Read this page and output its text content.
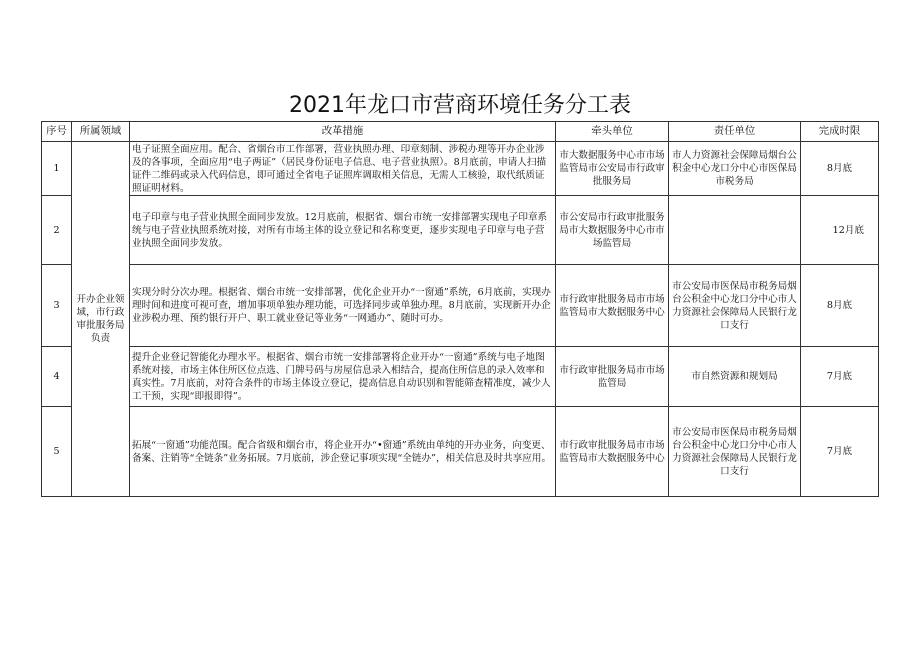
2021年龙口市营商环境任务分工表
序号	所属领域	改革措施	牵头单位	责任单位	完成时限
1	开办企业领域，市行政审批服务局负责	电子证照全面应用。配合、省烟台市工作部署，营业执照办理、印章刻制、涉税办理等开办企业涉及的各事项，全面应用“电子两证”（居民身份证电子信息、电子营业执照）。8月底前，申请人扫描证件二维码或录入代码信息，即可通过全省电子证照库调取相关信息，无需人工核验，取代纸质证照证明材料。	市大数据服务中心市市场监管局市公安局市行政审批服务局	市人力资源社会保障局烟台公积金中心龙口分中心市医保局市税务局	8月底
2		电子印章与电子营业执照全面同步发放。12月底前，根据省、烟台市统一安排部署实现电子印章系统与电子营业执照系统对接，对所有市场主体的设立登记和名称变更，逐步实现电子印章与电子营业执照全面同步发放。	市公安局市行政审批服务局市大数据服务中心市市场监管局		12月底
3		实现分时分次办理。根据省、烟台市统一安排部署，优化企业开办“一窗通”系统，6月底前，实现办理时间和进度可视可查，增加事项单独办理功能，可选择同步或单独办理。8月底前，实现新开办企业涉税办理、预约银行开户、职工就业登记等业务“一网通办”、随时可办。	市行政审批服务局市市场监管局市大数据服务中心	市公安局市医保局市税务局烟台公积金中心龙口分中心市人力资源社会保障局人民银行龙口支行	8月底
4		提升企业登记智能化办理水平。根据省、烟台市统一安排部署将企业开办“一窗通”系统与电子地图系统对接，市场主体住所区位点选、门牌号码与房屋信息录入相结合，提高住所信息的录入效率和真实性。7月底前，对符合条件的市场主体设立登记，提高信息自动识别和智能筛查精准度，减少人工干预，实现“即报即得”。	市行政审批服务局市市场监管局	市自然资源和规划局	7月底
5		拓展“一窗通”功能范围。配合省级和烟台市，将企业开办“•窗通”系统由单纯的开办业务，向变更、备案、注销等“全链条”业务拓展。7月底前，涉企登记事项实现“全链办”，相关信息及时共享应用。	市行政审批服务局市市场监管局市大数据服务中心	市公安局市医保局市税务局烟台公积金中心龙口分中心市人力资源社会保障局人民银行龙口支行	7月底
